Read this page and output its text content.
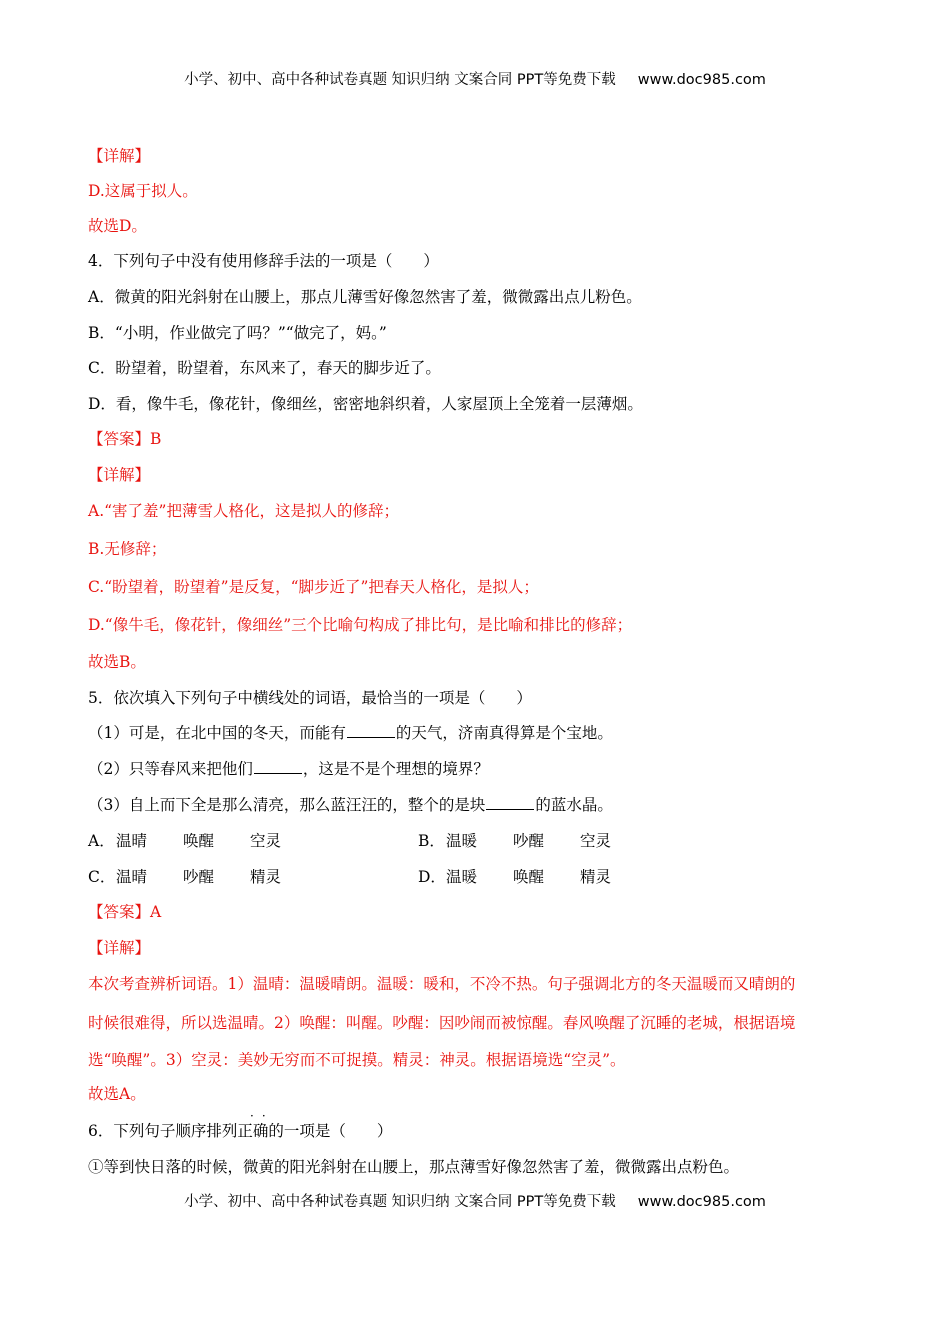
小学、初中、高中各种试卷真题 知识归纳 文案合同 PPT等免费下载 www.doc985.com
【详解】
D.这属于拟人。
故选D。
4．下列句子中没有使用修辞手法的一项是（　　）
A．微黄的阳光斜射在山腰上，那点儿薄雪好像忽然害了羞，微微露出点儿粉色。
B．“小明，作业做完了吗？”“做完了，妈。”
C．盼望着，盼望着，东风来了，春天的脚步近了。
D．看，像牛毛，像花针，像细丝，密密地斜织着，人家屋顶上全笼着一层薄烟。
【答案】B
【详解】
A.“害了羞”把薄雪人格化，这是拟人的修辞；
B.无修辞；
C.“盼望着，盼望着”是反复，“脚步近了”把春天人格化，是拟人；
D.“像牛毛，像花针，像细丝”三个比喻句构成了排比句，是比喻和排比的修辞；
故选B。
5．依次填入下列句子中横线处的词语，最恰当的一项是（　　）
（1）可是，在北中国的冬天，而能有	的天气，济南真得算是个宝地。
（2）只等春风来把他们	，这是不是个理想的境界？
（3）自上而下全是那么清亮，那么蓝汪汪的，整个的是块	的蓝水晶。
A．温晴 唤醒 空灵	B．温暖 吵醒 空灵
C．温晴 吵醒 精灵	D．温暖 唤醒 精灵
【答案】A
【详解】
本次考查辨析词语。1）温晴：温暖晴朗。温暖：暖和，不冷不热。句子强调北方的冬天温暖而又晴朗的
时候很难得，所以选温晴。2）唤醒：叫醒。吵醒：因吵闹而被惊醒。春风唤醒了沉睡的老城，根据语境
选“唤醒”。3）空灵：美妙无穷而不可捉摸。精灵：神灵。根据语境选“空灵”。
故选A。
··
6．下列句子顺序排列正确的一项是（　　）
①等到快日落的时候，微黄的阳光斜射在山腰上，那点薄雪好像忽然害了羞，微微露出点粉色。
小学、初中、高中各种试卷真题 知识归纳 文案合同 PPT等免费下载 www.doc985.com
